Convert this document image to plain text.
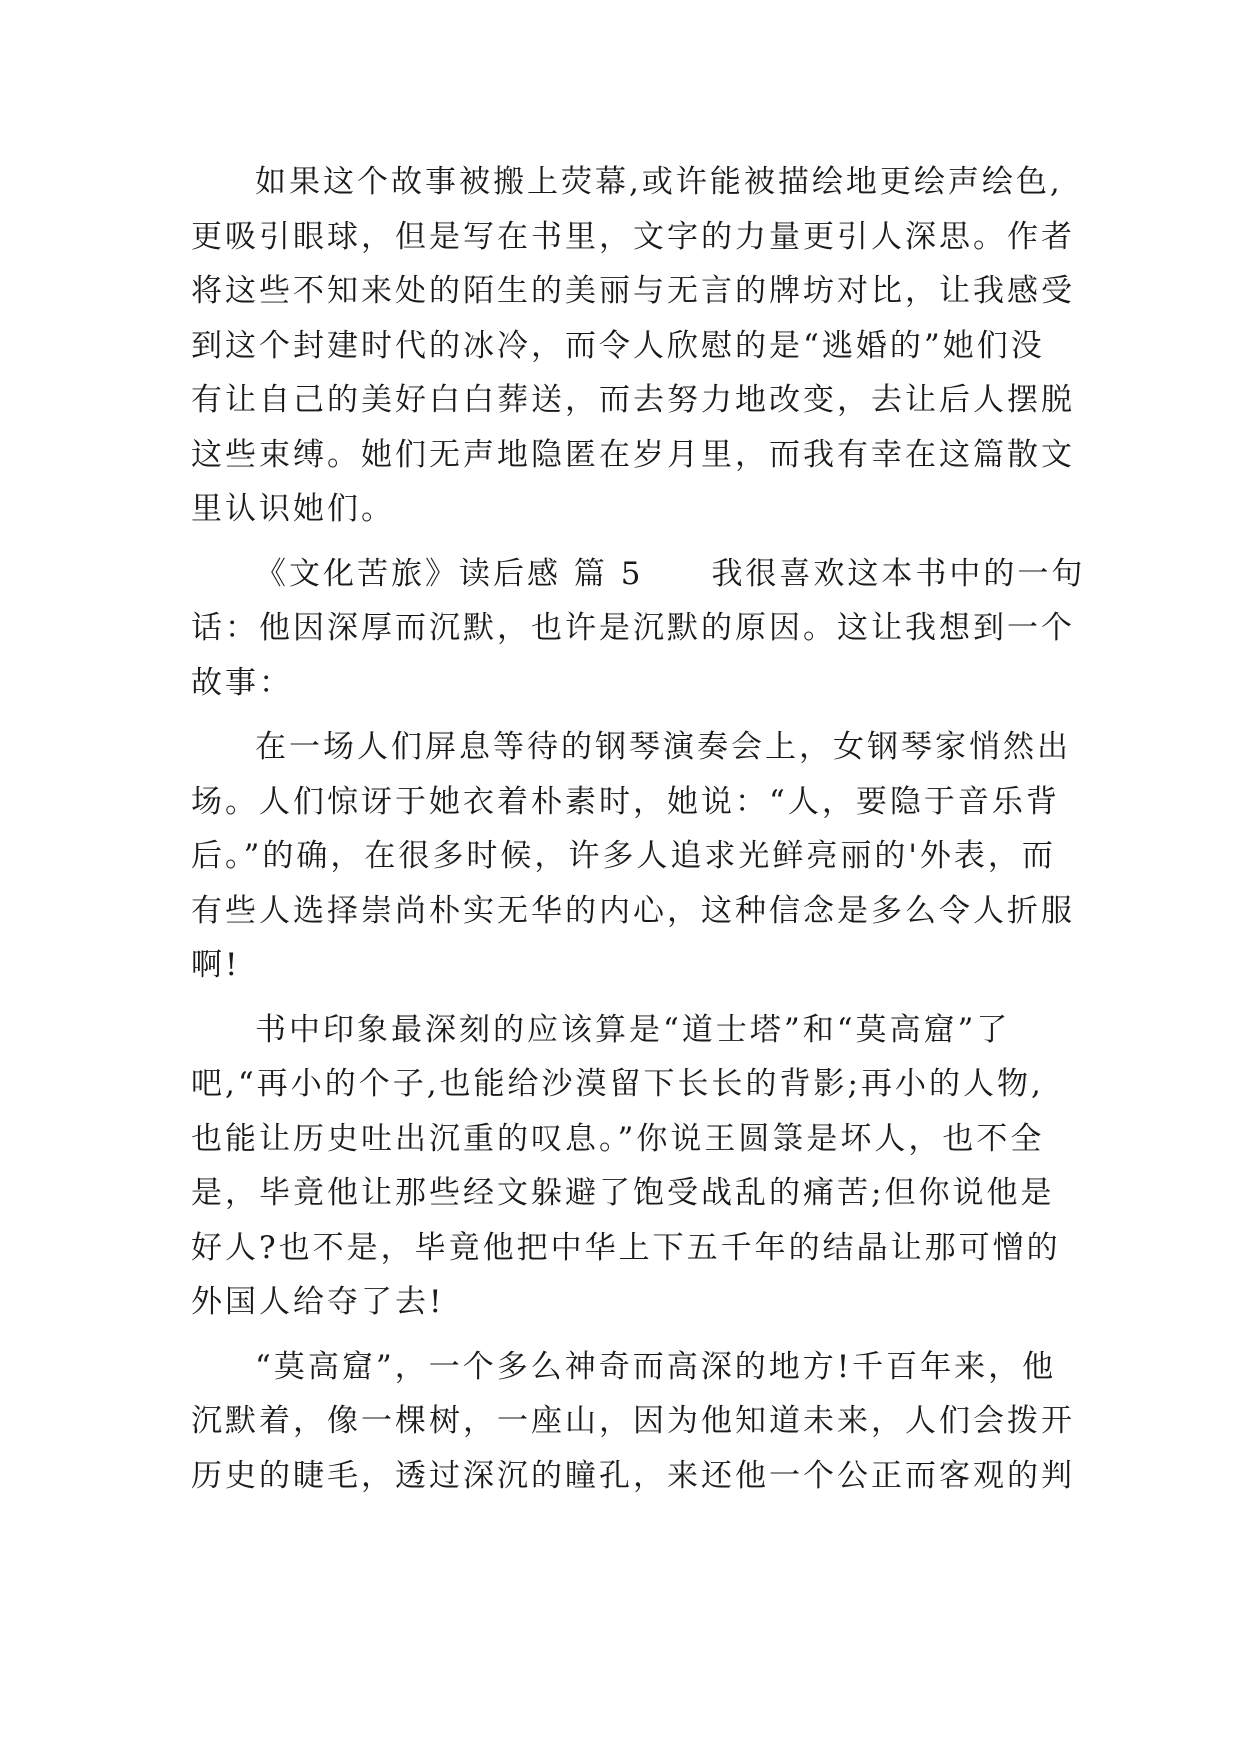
如果这个故事被搬上荧幕,或许能被描绘地更绘声绘色,
更吸引眼球，但是写在书里，文字的力量更引人深思。作者
将这些不知来处的陌生的美丽与无言的牌坊对比，让我感受
到这个封建时代的冰冷，而令人欣慰的是“逃婚的”她们没
有让自己的美好白白葬送，而去努力地改变，去让后人摆脱
这些束缚。她们无声地隐匿在岁月里，而我有幸在这篇散文
里认识她们。
《文化苦旅》读后感 篇 5 我很喜欢这本书中的一句
话：他因深厚而沉默，也许是沉默的原因。这让我想到一个
故事：
在一场人们屏息等待的钢琴演奏会上，女钢琴家悄然出
场。人们惊讶于她衣着朴素时，她说：“人，要隐于音乐背
后。”的确，在很多时候，许多人追求光鲜亮丽的'外表，而
有些人选择崇尚朴实无华的内心，这种信念是多么令人折服
啊!
书中印象最深刻的应该算是“道士塔”和“莫高窟”了
吧,“再小的个子,也能给沙漠留下长长的背影;再小的人物,
也能让历史吐出沉重的叹息。”你说王圆箓是坏人，也不全
是，毕竟他让那些经文躲避了饱受战乱的痛苦;但你说他是
好人?也不是，毕竟他把中华上下五千年的结晶让那可憎的
外国人给夺了去!
“莫高窟”，一个多么神奇而高深的地方!千百年来，他
沉默着，像一棵树，一座山，因为他知道未来，人们会拨开
历史的睫毛，透过深沉的瞳孔，来还他一个公正而客观的判
